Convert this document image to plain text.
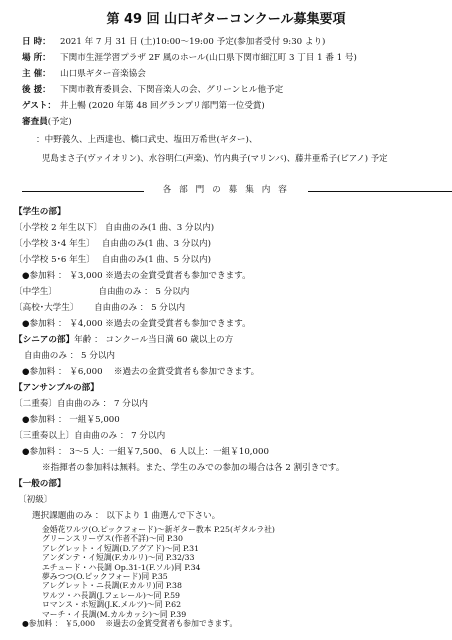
第 49 回 山口ギターコンクール募集要項
日 時： 2021 年 7 月 31 日 (土)10:00～19:00 予定(参加者受付 9:30 より)
場 所： 下関市生涯学習プラザ 2F 風のホール(山口県下関市細江町 3 丁目 1 番 1 号)
主 催： 山口県ギター音楽協会
後 援： 下関市教育委員会、下関音楽人の会、グリーンヒル他予定
ゲスト： 井上暢 (2020 年第 48 回グランプリ部門第一位受賞)
審査員(予定)
：中野義久、上西達也、橋口武史、塩田万希世(ギター)、
児島まさ子(ヴァイオリン)、水谷明仁(声楽)、竹内典子(マリンバ)、藤井亜希子(ピアノ) 予定
各 部 門 の 募 集 内 容
【学生の部】
〔小学校 2 年生以下〕 自由曲のみ(1 曲、3 分以内)
〔小学校 3･4 年生〕　 自由曲のみ(1 曲、3 分以内)
〔小学校 5･6 年生〕　 自由曲のみ(1 曲、5 分以内)
●参加料 ： ￥3,000 ※過去の金賞受賞者も参加できます。
〔中学生〕　　　　　 自由曲のみ ： 5 分以内
〔高校･大学生〕　　 自由曲のみ ： 5 分以内
●参加料 ： ￥4,000 ※過去の金賞受賞者も参加できます。
【シニアの部】年齢 ： コンクール当日満 60 歳以上の方
自由曲のみ ： 5 分以内
●参加料 ： ￥6,000　 ※過去の金賞受賞者も参加できます。
【アンサンブルの部】
〔二重奏〕自由曲のみ ： 7 分以内
●参加料 ： 一組￥5,000
〔三重奏以上〕自由曲のみ ： 7 分以内
●参加料 ： 3～5 人：一組￥7,500、 6 人以上：一組￥10,000
※指揮者の参加料は無料。また、学生のみでの参加の場合は各 2 割引きです。
【一般の部】
〔初級〕
選択課題曲のみ ： 以下より 1 曲選んで下さい。
金婚花ワルツ(O.ピックフォード)～新ギター教本 P.25(ギタルラ社)
グリーンスリーヴス(作者不詳)～同 P.30
アレグレット・イ短調(D.アグアド)～同 P.31
アンダンテ・イ短調(F.カルリ)～同 P.32/33
エチュード・ハ長調 Op.31-1(F.ソル)同 P.34
夢みつつ(O.ピックフォード)同 P.35
アレグレット・ニ長調(F.カルリ)同 P.38
ワルツ・ハ長調(J.フェレール)～同 P.59
ロマンス・ホ短調(J.K.メルツ)～同 P.62
マーチ・イ長調(M.カルカッシ)～同 P.39
●参加料 ： ￥5,000　 ※過去の金賞受賞者も参加できます。
